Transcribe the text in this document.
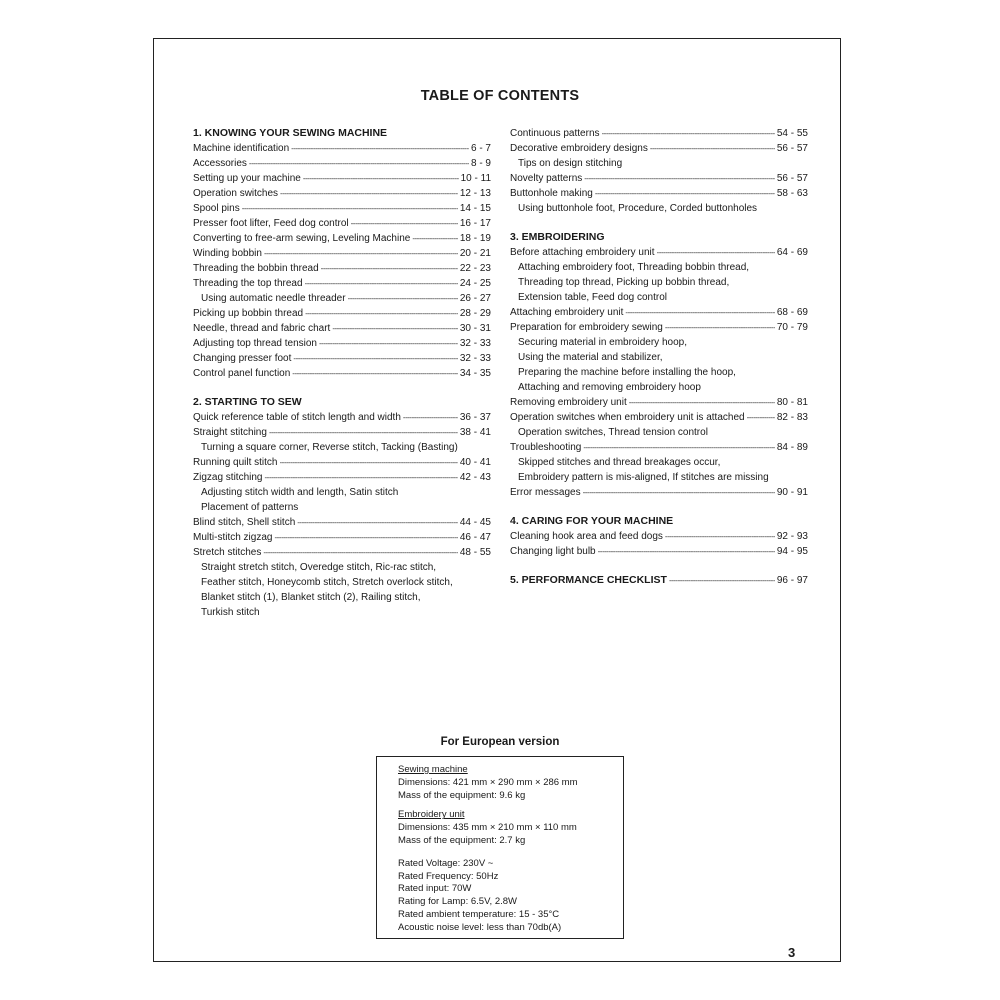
TABLE OF CONTENTS
1. KNOWING YOUR SEWING MACHINE
Machine identification -----	6 - 7
Accessories -----	8 - 9
Setting up your machine -----	10 - 11
Operation switches -----	12 - 13
Spool pins -----	14 - 15
Presser foot lifter, Feed dog control -----	16 - 17
Converting to free-arm sewing, Leveling Machine -----	18 - 19
Winding bobbin -----	20 - 21
Threading the bobbin thread -----	22 - 23
Threading the top thread -----	24 - 25
Using automatic needle threader -----	26 - 27
Picking up bobbin thread -----	28 - 29
Needle, thread and fabric chart -----	30 - 31
Adjusting top thread tension -----	32 - 33
Changing presser foot -----	32 - 33
Control panel function -----	34 - 35
2. STARTING TO SEW
Quick reference table of stitch length and width -----	36 - 37
Straight stitching -----	38 - 41
Turning a square corner, Reverse stitch, Tacking (Basting)
Running quilt stitch -----	40 - 41
Zigzag stitching -----	42 - 43
Adjusting stitch width and length, Satin stitch
Placement of patterns
Blind stitch, Shell stitch -----	44 - 45
Multi-stitch zigzag -----	46 - 47
Stretch stitches -----	48 - 55
Straight stretch stitch, Overedge stitch, Ric-rac stitch,
Feather stitch, Honeycomb stitch, Stretch overlock stitch,
Blanket stitch (1), Blanket stitch (2), Railing stitch,
Turkish stitch
Continuous patterns -----	54 - 55
Decorative embroidery designs -----	56 - 57
Tips on design stitching
Novelty patterns -----	56 - 57
Buttonhole making -----	58 - 63
Using buttonhole foot, Procedure, Corded buttonholes
3. EMBROIDERING
Before attaching embroidery unit -----	64 - 69
Attaching embroidery foot, Threading bobbin thread,
Threading top thread, Picking up bobbin thread,
Extension table, Feed dog control
Attaching embroidery unit -----	68 - 69
Preparation for embroidery sewing -----	70 - 79
Securing material in embroidery hoop,
Using the material and stabilizer,
Preparing the machine before installing the hoop,
Attaching and removing embroidery hoop
Removing embroidery unit -----	80 - 81
Operation switches when embroidery unit is attached -----	82 - 83
Operation switches, Thread tension control
Troubleshooting -----	84 - 89
Skipped stitches and thread breakages occur,
Embroidery pattern is mis-aligned, If stitches are missing
Error messages -----	90 - 91
4. CARING FOR YOUR MACHINE
Cleaning hook area and feed dogs -----	92 - 93
Changing light bulb -----	94 - 95
5. PERFORMANCE CHECKLIST -----	96 - 97
For European version
Sewing machine
Dimensions: 421 mm × 290 mm × 286 mm
Mass of the equipment: 9.6 kg
Embroidery unit
Dimensions: 435 mm × 210 mm × 110 mm
Mass of the equipment: 2.7 kg
Rated Voltage: 230V ~
Rated Frequency: 50Hz
Rated input: 70W
Rating for Lamp: 6.5V, 2.8W
Rated ambient temperature: 15 - 35°C
Acoustic noise level: less than 70db(A)
3
